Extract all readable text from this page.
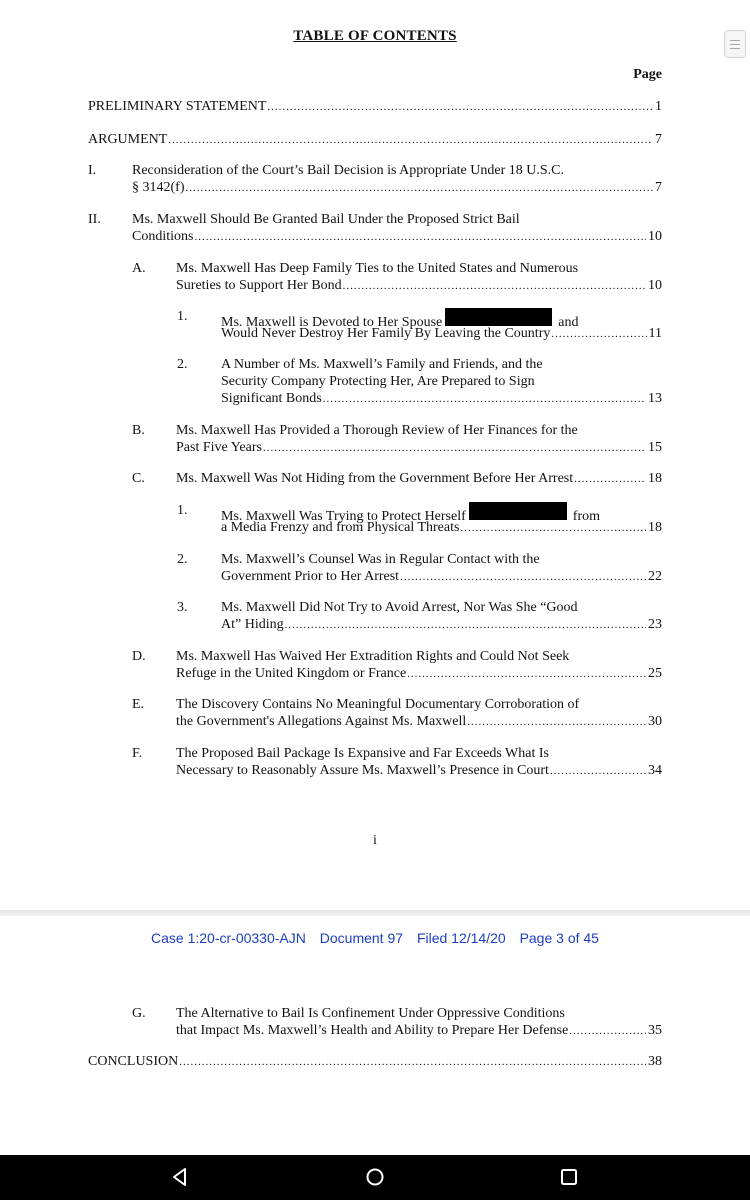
TABLE OF CONTENTS
Page
PRELIMINARY STATEMENT .....	1
ARGUMENT .....	7
I.	Reconsideration of the Court’s Bail Decision is Appropriate Under 18 U.S.C.
§ 3142(f) .....	7
II. Ms. Maxwell Should Be Granted Bail Under the Proposed Strict Bail
Conditions .....	10
A. Ms. Maxwell Has Deep Family Ties to the United States and Numerous
Sureties to Support Her Bond .....	10
1. Ms. Maxwell is Devoted to Her Spouse	and
Would Never Destroy Her Family By Leaving the Country .....	11
2. A Number of Ms. Maxwell’s Family and Friends, and the
Security Company Protecting Her, Are Prepared to Sign
Significant Bonds .....	13
B. Ms. Maxwell Has Provided a Thorough Review of Her Finances for the
Past Five Years .....	15
C. Ms. Maxwell Was Not Hiding from the Government Before Her Arrest .....	18
1. Ms. Maxwell Was Trying to Protect Herself	from
a Media Frenzy and from Physical Threats .....	18
2. Ms. Maxwell’s Counsel Was in Regular Contact with the
Government Prior to Her Arrest .....	22
3. Ms. Maxwell Did Not Try to Avoid Arrest, Nor Was She “Good
At” Hiding .....	23
D. Ms. Maxwell Has Waived Her Extradition Rights and Could Not Seek
Refuge in the United Kingdom or France .....	25
E. The Discovery Contains No Meaningful Documentary Corroboration of
the Government's Allegations Against Ms. Maxwell .....	30
F. The Proposed Bail Package Is Expansive and Far Exceeds What Is
Necessary to Reasonably Assure Ms. Maxwell’s Presence in Court .....	34
i
Case 1:20-cr-00330-AJN Document 97 Filed 12/14/20 Page 3 of 45
G. The Alternative to Bail Is Confinement Under Oppressive Conditions
that Impact Ms. Maxwell’s Health and Ability to Prepare Her Defense .....	35
CONCLUSION .....	38
